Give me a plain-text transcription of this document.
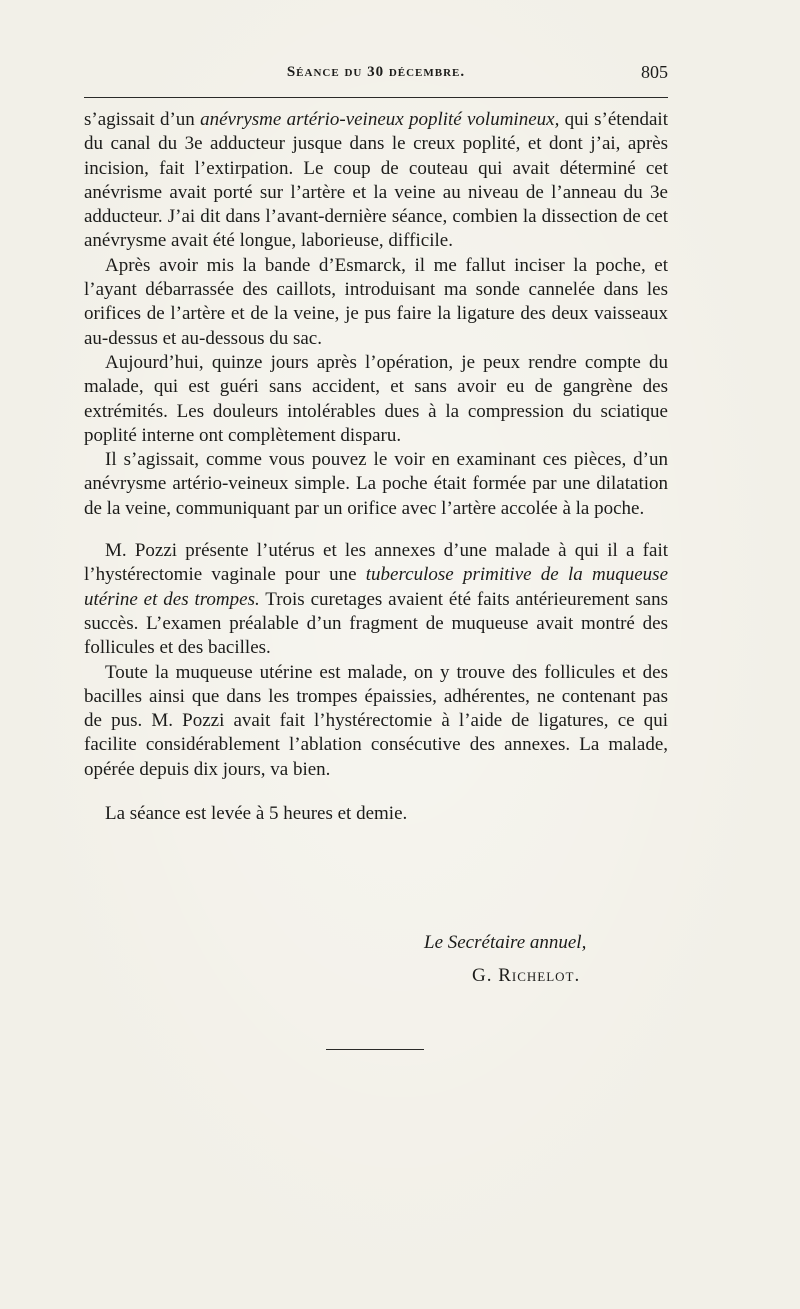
Séance du 30 décembre.	805

s’agissait d’un anévrysme artério-veineux poplité volumineux, qui s’étendait du canal du 3e adducteur jusque dans le creux poplité, et dont j’ai, après incision, fait l’extirpation. Le coup de couteau qui avait déterminé cet anévrisme avait porté sur l’artère et la veine au niveau de l’anneau du 3e adducteur. J’ai dit dans l’avant-dernière séance, combien la dissection de cet anévrysme avait été longue, laborieuse, difficile.

Après avoir mis la bande d’Esmarck, il me fallut inciser la poche, et l’ayant débarrassée des caillots, introduisant ma sonde cannelée dans les orifices de l’artère et de la veine, je pus faire la ligature des deux vaisseaux au-dessus et au-dessous du sac.

Aujourd’hui, quinze jours après l’opération, je peux rendre compte du malade, qui est guéri sans accident, et sans avoir eu de gangrène des extrémités. Les douleurs intolérables dues à la compression du sciatique poplité interne ont complètement disparu.

Il s’agissait, comme vous pouvez le voir en examinant ces pièces, d’un anévrysme artério-veineux simple. La poche était formée par une dilatation de la veine, communiquant par un orifice avec l’artère accolée à la poche.

M. Pozzi présente l’utérus et les annexes d’une malade à qui il a fait l’hystérectomie vaginale pour une tuberculose primitive de la muqueuse utérine et des trompes. Trois curetages avaient été faits antérieurement sans succès. L’examen préalable d’un fragment de muqueuse avait montré des follicules et des bacilles.

Toute la muqueuse utérine est malade, on y trouve des follicules et des bacilles ainsi que dans les trompes épaissies, adhérentes, ne contenant pas de pus. M. Pozzi avait fait l’hystérectomie à l’aide de ligatures, ce qui facilite considérablement l’ablation consécutive des annexes. La malade, opérée depuis dix jours, va bien.

La séance est levée à 5 heures et demie.

Le Secrétaire annuel,
G. Richelot.
